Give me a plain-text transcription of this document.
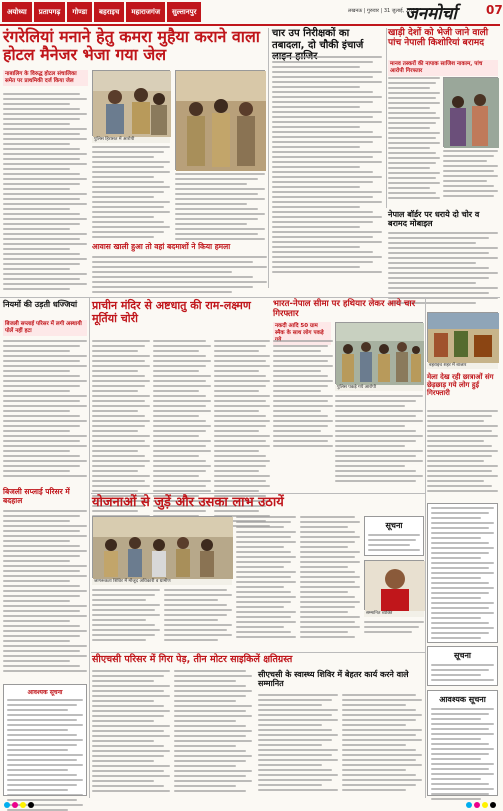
अयोध्या	प्रतापगढ़	गोण्डा	बहराइच	महाराजगंज	सुल्तानपुर	लखनऊ | गुरुवार | 31 जुलाई, 2025
जनमोर्चा 07
रंगरेलियां मनाने हेतु कमरा मुहैया कराने वाला होटल मैनेजर भेजा गया जेल
नाबालिग के विरुद्ध होटल संचालिका समेत पर प्राथमिकी दर्ज किया जेल
पुलिस हिरासत में आरोपी
आवास खाली हुआ तो वहां बदमाशों ने किया हमला
चार उप निरीक्षकों का तबादला, दो चौकी इंचार्ज
खाड़ी देशों को भेजी जाने वाली पांच नेपाली किशोरियां बरामद
मानव तस्करों की नापाक साजिश नाकाम, पांच आरोपी गिरफ्तार
नेपाल बॉर्डर पर धराये दो चोर व बरामद मोबाइल
प्राचीन मंदिर से अष्टधातु की राम-लक्ष्मण मूर्तियां चोरी
भारत-नेपाल सीमा पर हथियार लेकर आये चार गिरफ्तार
नकदी आदि 50 ग्राम स्मैक के साथ लोग पकड़े
पुलिस पकड़े गये आरोपी
बहराइच शहर में बाजार
मेला देख रही छात्राओं संग छेड़छाड़ गये लोग हुई गिरफ्तारी
नियमों की उड़ती धज्जियां
बिजली सप्लाई परिसर में लगी अस्थायी पोलें नहीं हटा
बिजली सप्लाई परिसर में बदहाल
आवश्यक सूचना
योजनाओं से जुड़ें और उसका लाभ उठायें
जागरूकता शिविर में मौजूद अधिकारी व ग्रामीण
सूचना
सम्मानित व्यक्ति
सीएचसी परिसर में गिरा पेड़, तीन मोटर साइकिलें क्षतिग्रस्त
सीएचसी के स्वास्थ्य शिविर में बेहतर कार्य करने वाले सम्मानित
सूचना
आवश्यक सूचना
